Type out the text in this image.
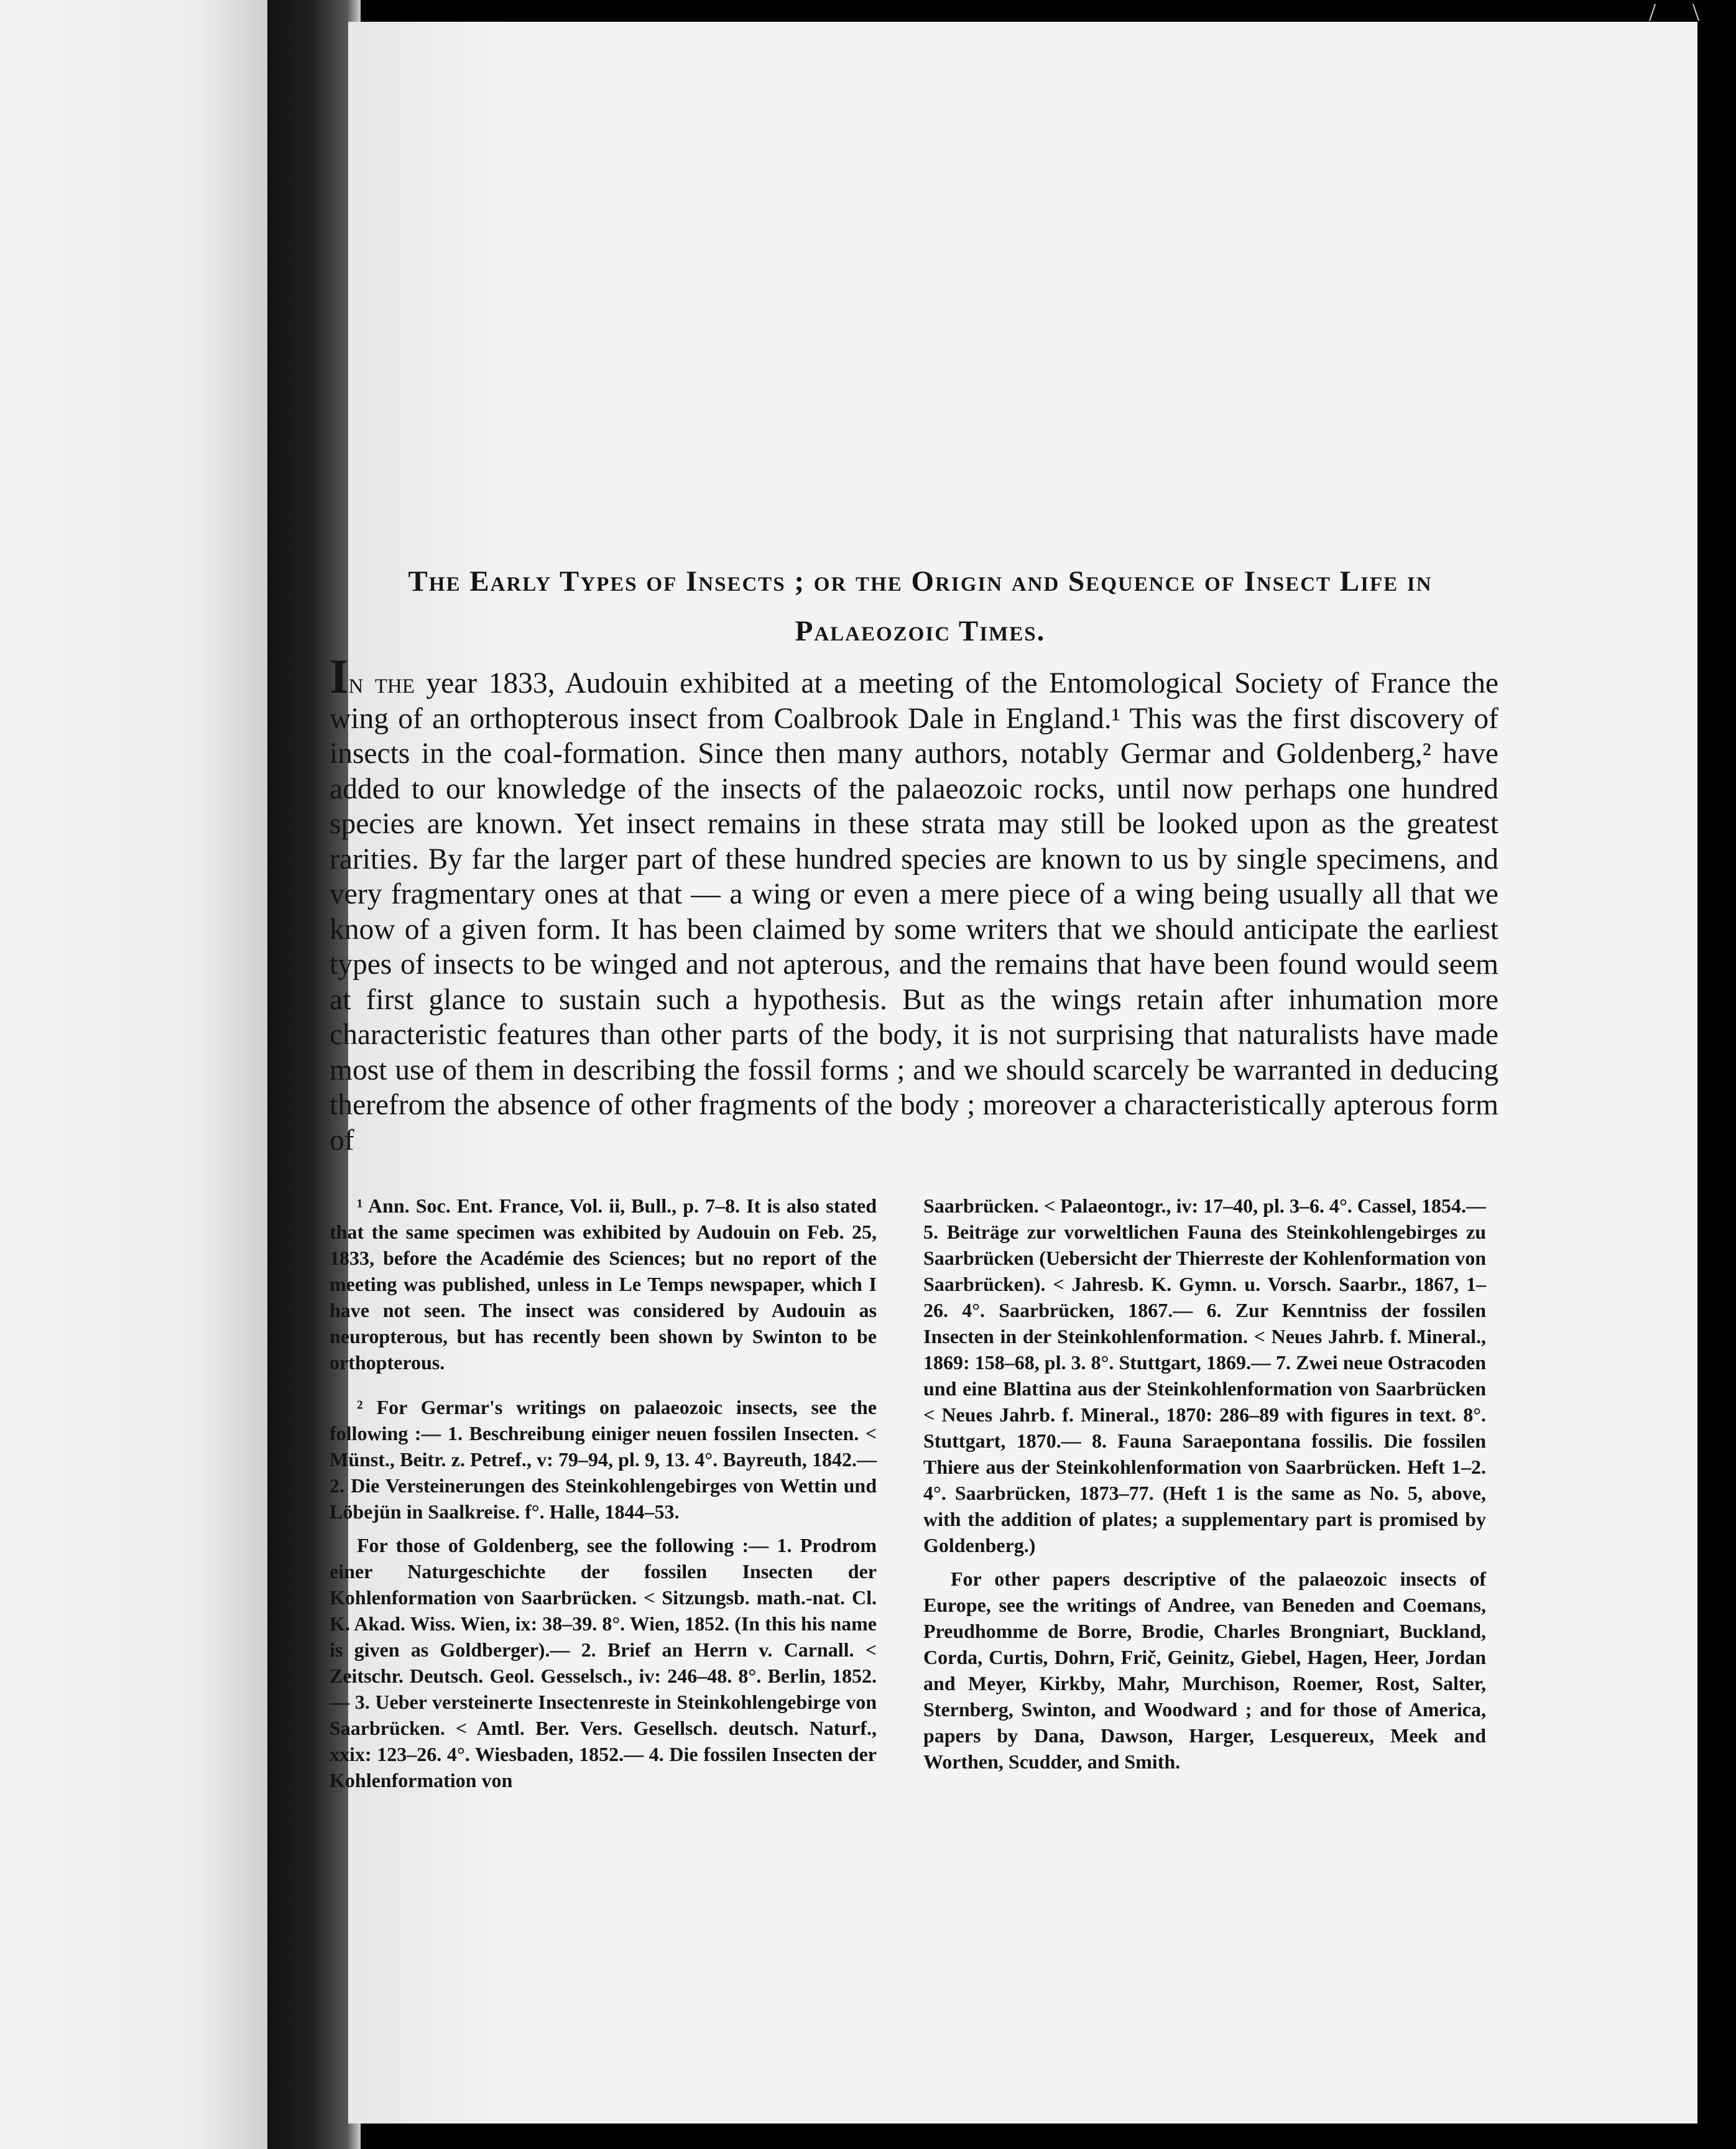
/ \
The Early Types of Insects ; or the Origin and Sequence of Insect Life in
Palaeozoic Times.
In the year 1833, Audouin exhibited at a meeting of the Entomological Society of France the wing of an orthopterous insect from Coalbrook Dale in England.¹ This was the first discovery of insects in the coal-formation. Since then many authors, notably Germar and Goldenberg,² have added to our knowledge of the insects of the palaeozoic rocks, until now perhaps one hundred species are known. Yet insect remains in these strata may still be looked upon as the greatest rarities. By far the larger part of these hundred species are known to us by single specimens, and very fragmentary ones at that — a wing or even a mere piece of a wing being usually all that we know of a given form. It has been claimed by some writers that we should anticipate the earliest types of insects to be winged and not apterous, and the remains that have been found would seem at first glance to sustain such a hypothesis. But as the wings retain after inhumation more characteristic features than other parts of the body, it is not surprising that naturalists have made most use of them in describing the fossil forms ; and we should scarcely be warranted in deducing therefrom the absence of other fragments of the body ; moreover a characteristically apterous form of

¹ Ann. Soc. Ent. France, Vol. ii, Bull., p. 7–8. It is also stated that the same specimen was exhibited by Audouin on Feb. 25, 1833, before the Académie des Sciences; but no report of the meeting was published, unless in Le Temps newspaper, which I have not seen. The insect was considered by Audouin as neuropterous, but has recently been shown by Swinton to be orthopterous.

² For Germar's writings on palaeozoic insects, see the following :— 1. Beschreibung einiger neuen fossilen Insecten. < Münst., Beitr. z. Petref., v: 79–94, pl. 9, 13. 4°. Bayreuth, 1842.— 2. Die Versteinerungen des Steinkohlengebirges von Wettin und Löbejün in Saalkreise. f°. Halle, 1844–53.

For those of Goldenberg, see the following :— 1. Prodrom einer Naturgeschichte der fossilen Insecten der Kohlenformation von Saarbrücken. < Sitzungsb. math.-nat. Cl. K. Akad. Wiss. Wien, ix: 38–39. 8°. Wien, 1852. (In this his name is given as Goldberger).— 2. Brief an Herrn v. Carnall. < Zeitschr. Deutsch. Geol. Gesselsch., iv: 246–48. 8°. Berlin, 1852. — 3. Ueber versteinerte Insectenreste in Steinkohlengebirge von Saarbrücken. < Amtl. Ber. Vers. Gesellsch. deutsch. Naturf., xxix: 123–26. 4°. Wiesbaden, 1852.— 4. Die fossilen Insecten der Kohlenformation von

Saarbrücken. < Palaeontogr., iv: 17–40, pl. 3–6. 4°. Cassel, 1854.— 5. Beiträge zur vorweltlichen Fauna des Steinkohlengebirges zu Saarbrücken (Uebersicht der Thierreste der Kohlenformation von Saarbrücken). < Jahresb. K. Gymn. u. Vorsch. Saarbr., 1867, 1–26. 4°. Saarbrücken, 1867.— 6. Zur Kenntniss der fossilen Insecten in der Steinkohlenformation. < Neues Jahrb. f. Mineral., 1869: 158–68, pl. 3. 8°. Stuttgart, 1869.— 7. Zwei neue Ostracoden und eine Blattina aus der Steinkohlenformation von Saarbrücken < Neues Jahrb. f. Mineral., 1870: 286–89 with figures in text. 8°. Stuttgart, 1870.— 8. Fauna Saraepontana fossilis. Die fossilen Thiere aus der Steinkohlenformation von Saarbrücken. Heft 1–2. 4°. Saarbrücken, 1873–77. (Heft 1 is the same as No. 5, above, with the addition of plates; a supplementary part is promised by Goldenberg.)

For other papers descriptive of the palaeozoic insects of Europe, see the writings of Andree, van Beneden and Coemans, Preudhomme de Borre, Brodie, Charles Brongniart, Buckland, Corda, Curtis, Dohrn, Frič, Geinitz, Giebel, Hagen, Heer, Jordan and Meyer, Kirkby, Mahr, Murchison, Roemer, Rost, Salter, Sternberg, Swinton, and Woodward ; and for those of America, papers by Dana, Dawson, Harger, Lesquereux, Meek and Worthen, Scudder, and Smith.
